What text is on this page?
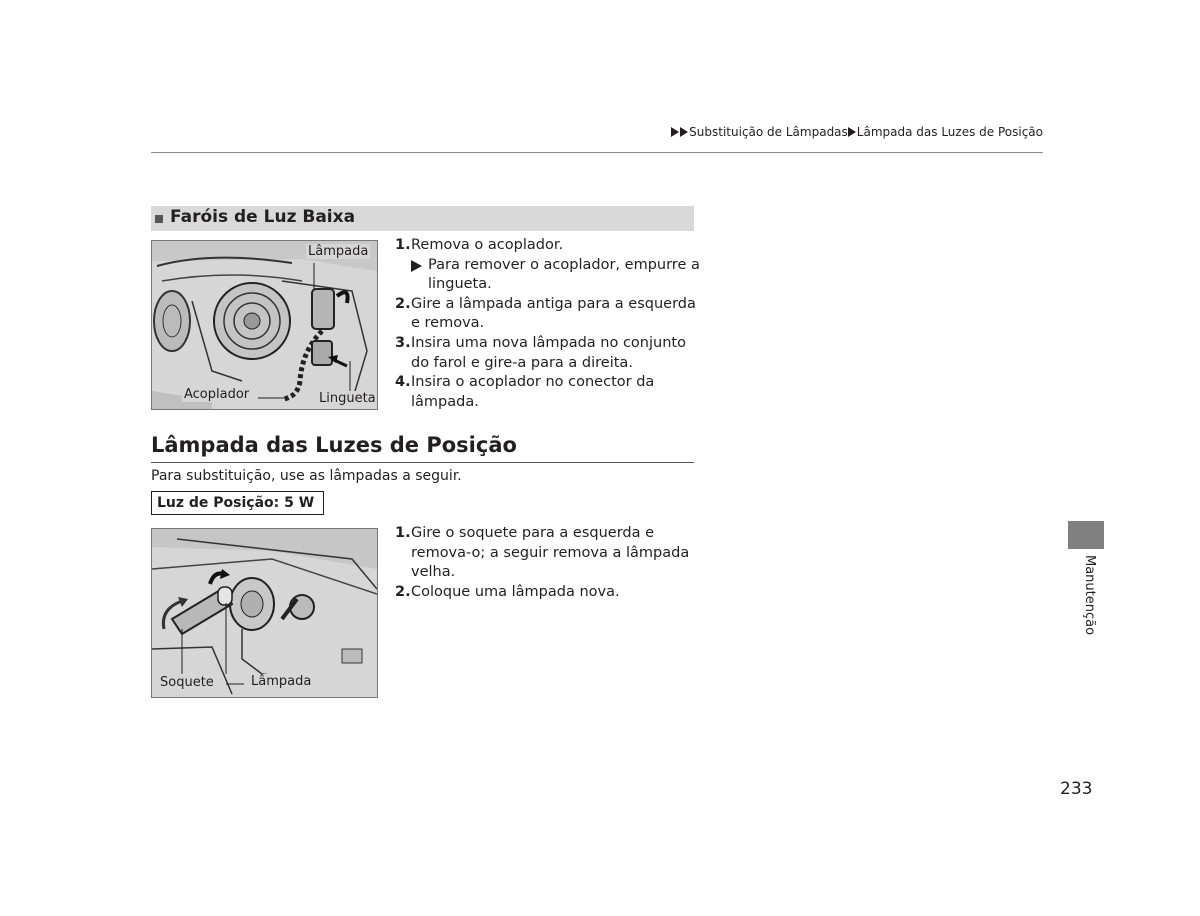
Substituição de Lâmpadas Lâmpada das Luzes de Posição
Faróis de Luz Baixa
Lâmpada
Acoplador	Lingueta
1. Remova o acoplador.
Para remover o acoplador, empurre a lingueta.
2. Gire a lâmpada antiga para a esquerda e remova.
3. Insira uma nova lâmpada no conjunto do farol e gire-a para a direita.
4. Insira o acoplador no conector da lâmpada.
Lâmpada das Luzes de Posição
Para substituição, use as lâmpadas a seguir.
Luz de Posição: 5 W
Soquete	Lâmpada
1. Gire o soquete para a esquerda e remova-o; a seguir remova a lâmpada velha.
2. Coloque uma lâmpada nova.	Manutenção
233
